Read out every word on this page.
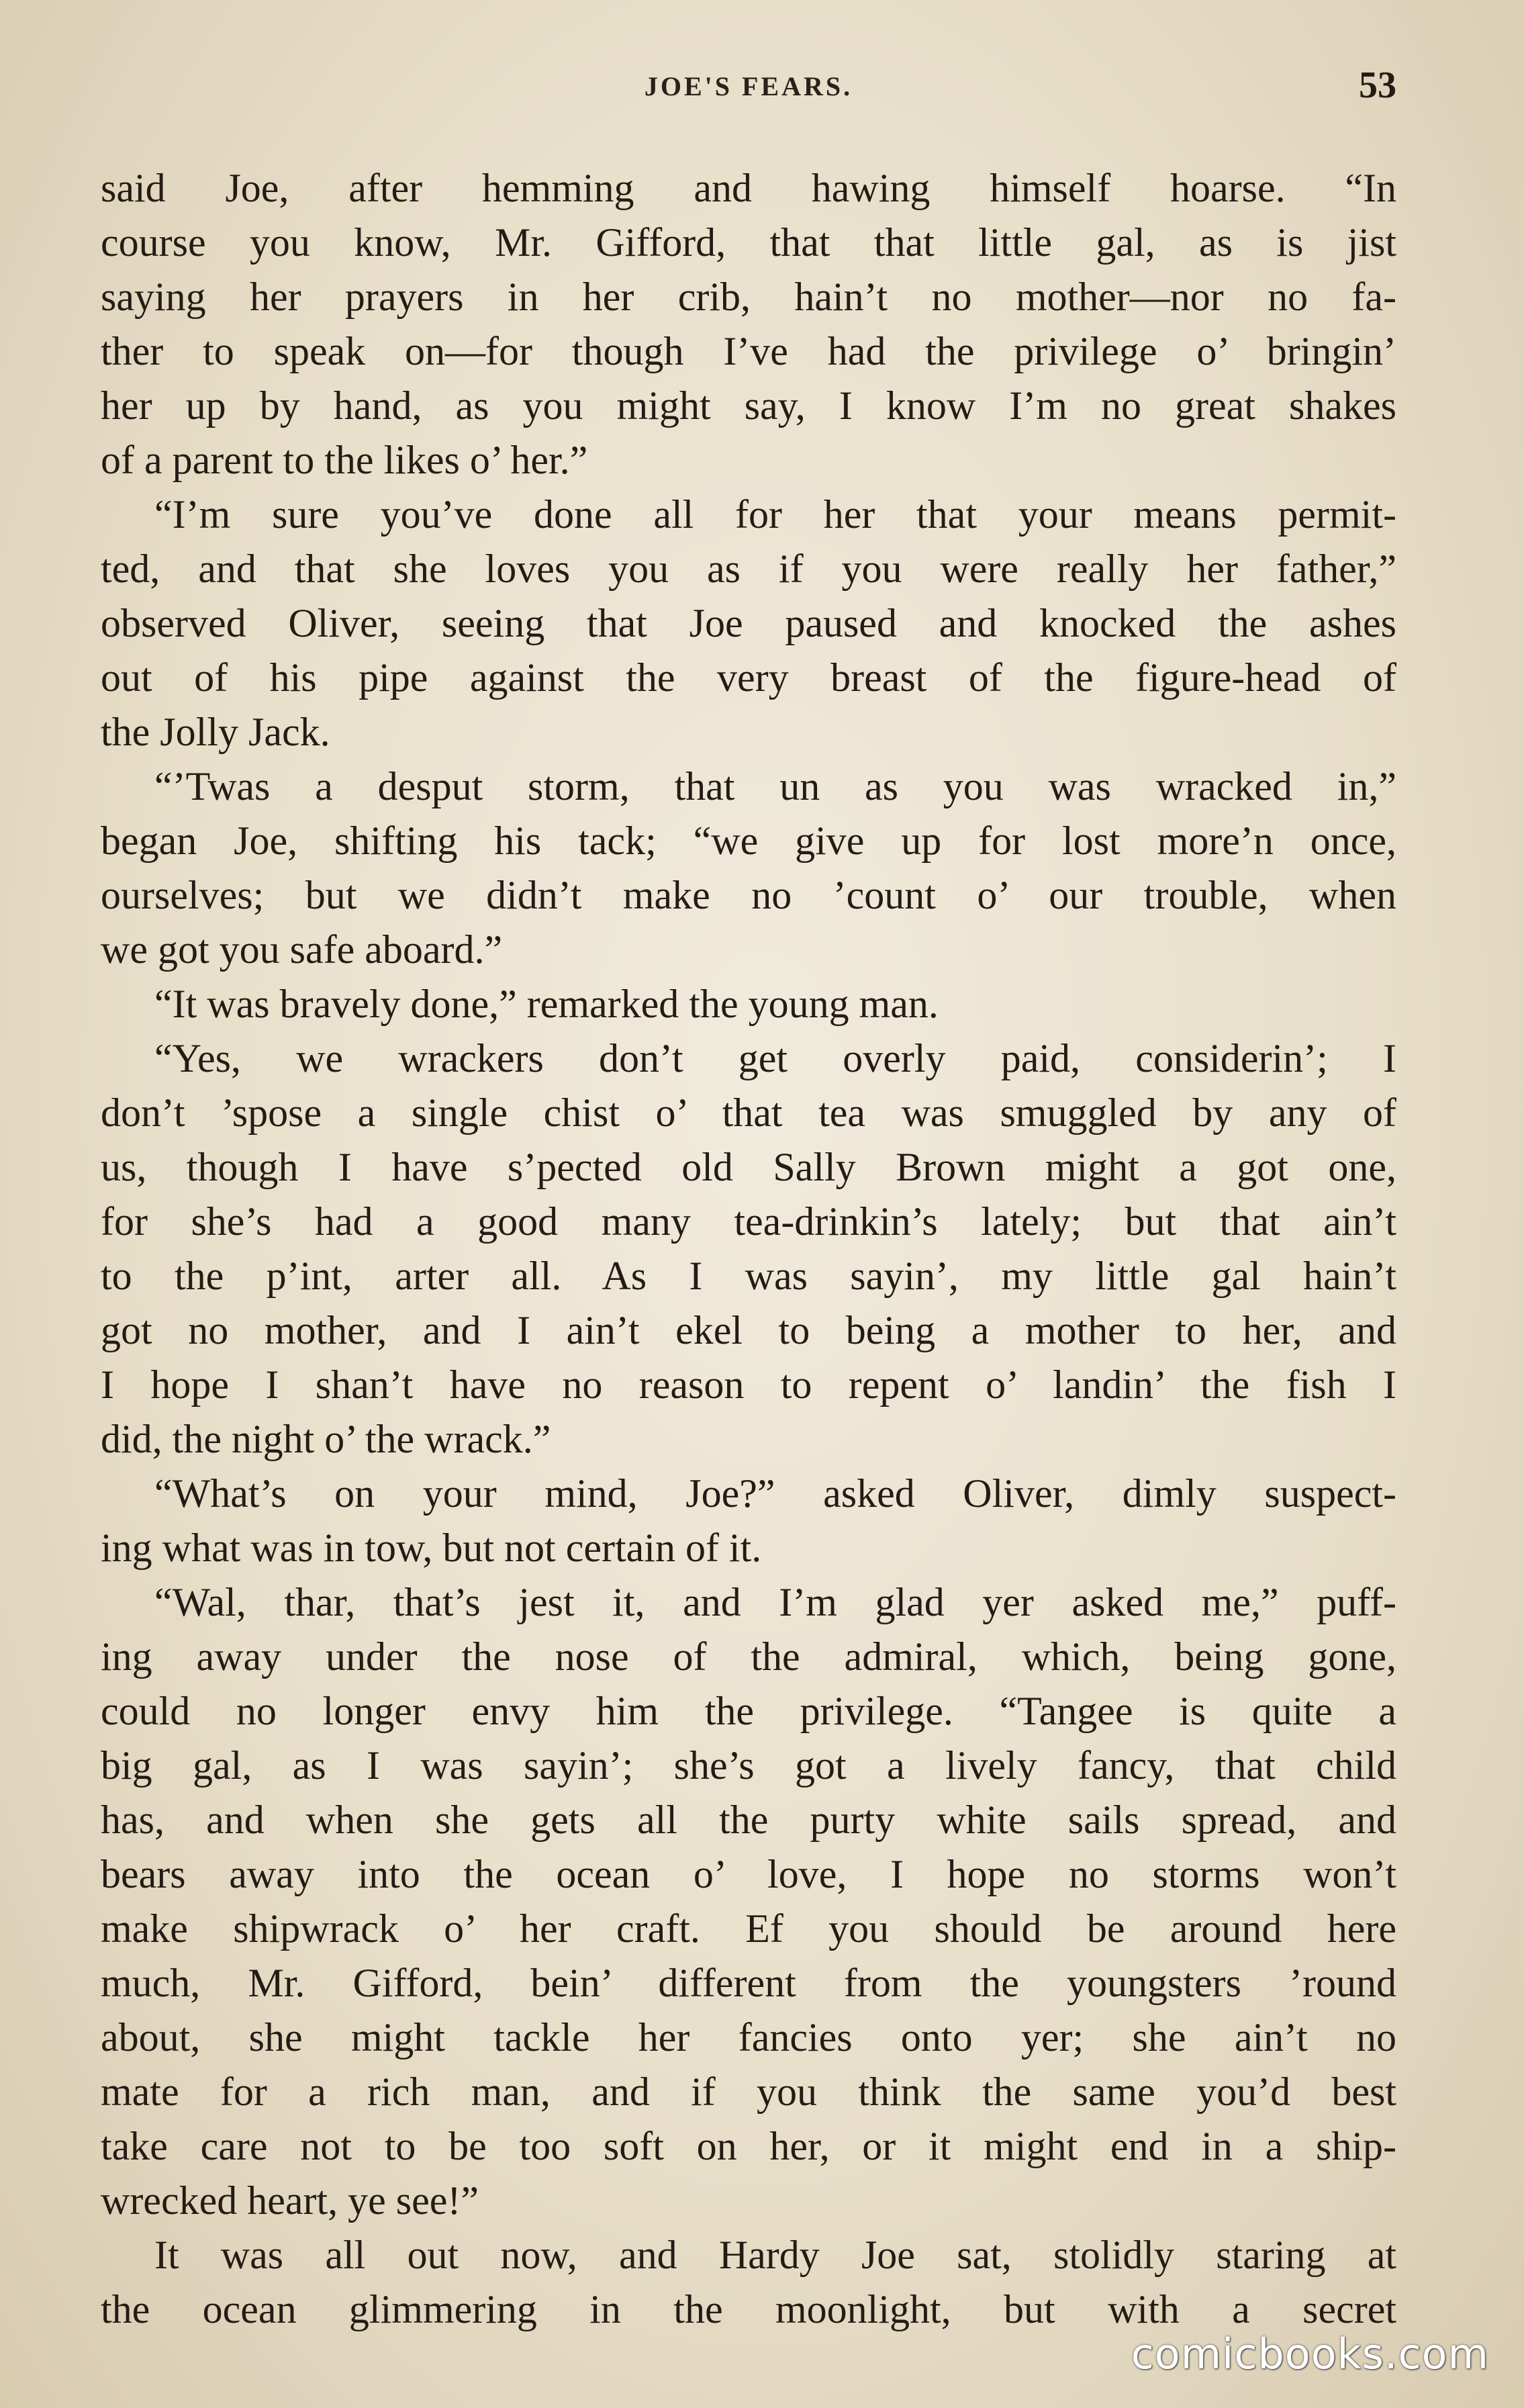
JOE'S FEARS.	53
said Joe, after hemming and hawing himself hoarse. “In
course you know, Mr. Gifford, that that little gal, as is jist
saying her prayers in her crib, hain’t no mother—nor no fa-
ther to speak on—for though I’ve had the privilege o’ bringin’
her up by hand, as you might say, I know I’m no great shakes
of a parent to the likes o’ her.”
“I’m sure you’ve done all for her that your means permit-
ted, and that she loves you as if you were really her father,”
observed Oliver, seeing that Joe paused and knocked the ashes
out of his pipe against the very breast of the figure-head of
the Jolly Jack.
“’Twas a desput storm, that un as you was wracked in,”
began Joe, shifting his tack; “we give up for lost more’n once,
ourselves; but we didn’t make no ’count o’ our trouble, when
we got you safe aboard.”
“It was bravely done,” remarked the young man.
“Yes, we wrackers don’t get overly paid, considerin’; I
don’t ’spose a single chist o’ that tea was smuggled by any of
us, though I have s’pected old Sally Brown might a got one,
for she’s had a good many tea-drinkin’s lately; but that ain’t
to the p’int, arter all. As I was sayin’, my little gal hain’t
got no mother, and I ain’t ekel to being a mother to her, and
I hope I shan’t have no reason to repent o’ landin’ the fish I
did, the night o’ the wrack.”
“What’s on your mind, Joe?” asked Oliver, dimly suspect-
ing what was in tow, but not certain of it.
“Wal, thar, that’s jest it, and I’m glad yer asked me,” puff-
ing away under the nose of the admiral, which, being gone,
could no longer envy him the privilege. “Tangee is quite a
big gal, as I was sayin’; she’s got a lively fancy, that child
has, and when she gets all the purty white sails spread, and
bears away into the ocean o’ love, I hope no storms won’t
make shipwrack o’ her craft. Ef you should be around here
much, Mr. Gifford, bein’ different from the youngsters ’round
about, she might tackle her fancies onto yer; she ain’t no
mate for a rich man, and if you think the same you’d best
take care not to be too soft on her, or it might end in a ship-
wrecked heart, ye see!”
It was all out now, and Hardy Joe sat, stolidly staring at
the ocean glimmering in the moonlight, but with a secret
comicbooks.com
